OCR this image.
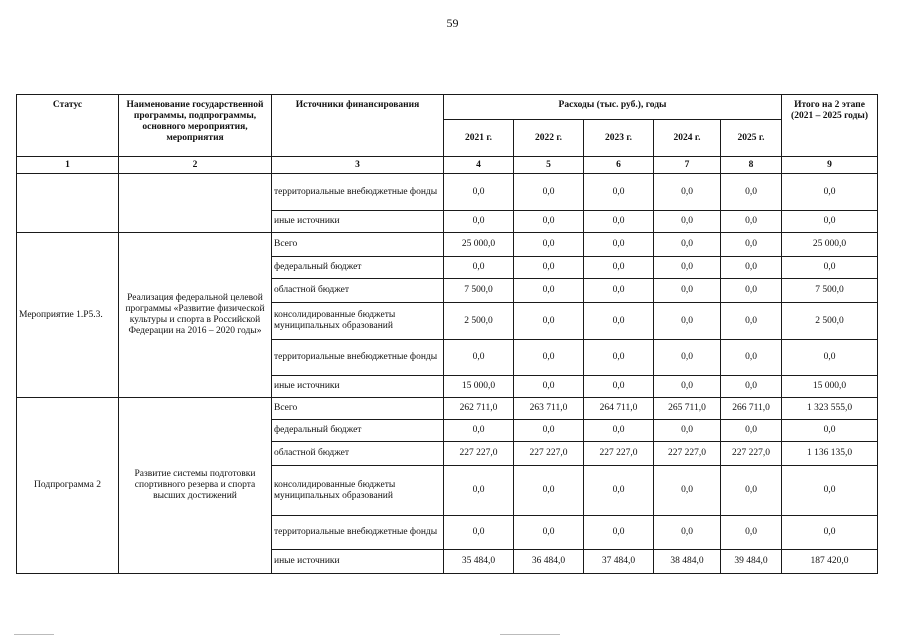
59
Статус	Наименование государственной программы, подпрограммы, основного мероприятия, мероприятия	Источники финансирования	Расходы (тыс. руб.), годы					Итого на 2 этапе (2021 – 2025 годы)
			2021 г.	2022 г.	2023 г.	2024 г.	2025 г.	
1	2	3	4	5	6	7	8	9
		территориальные внебюджетные фонды	0,0	0,0	0,0	0,0	0,0	0,0
		иные источники	0,0	0,0	0,0	0,0	0,0	0,0
Мероприятие 1.Р5.3.	Реализация федеральной целевой программы «Развитие физической культуры и спорта в Российской Федерации на 2016 – 2020 годы»	Всего	25 000,0	0,0	0,0	0,0	0,0	25 000,0
		федеральный бюджет	0,0	0,0	0,0	0,0	0,0	0,0
		областной бюджет	7 500,0	0,0	0,0	0,0	0,0	7 500,0
		консолидированные бюджеты муниципальных образований	2 500,0	0,0	0,0	0,0	0,0	2 500,0
		территориальные внебюджетные фонды	0,0	0,0	0,0	0,0	0,0	0,0
		иные источники	15 000,0	0,0	0,0	0,0	0,0	15 000,0
Подпрограмма 2	Развитие системы подготовки спортивного резерва и спорта высших достижений	Всего	262 711,0	263 711,0	264 711,0	265 711,0	266 711,0	1 323 555,0
		федеральный бюджет	0,0	0,0	0,0	0,0	0,0	0,0
		областной бюджет	227 227,0	227 227,0	227 227,0	227 227,0	227 227,0	1 136 135,0
		консолидированные бюджеты муниципальных образований	0,0	0,0	0,0	0,0	0,0	0,0
		территориальные внебюджетные фонды	0,0	0,0	0,0	0,0	0,0	0,0
		иные источники	35 484,0	36 484,0	37 484,0	38 484,0	39 484,0	187 420,0
